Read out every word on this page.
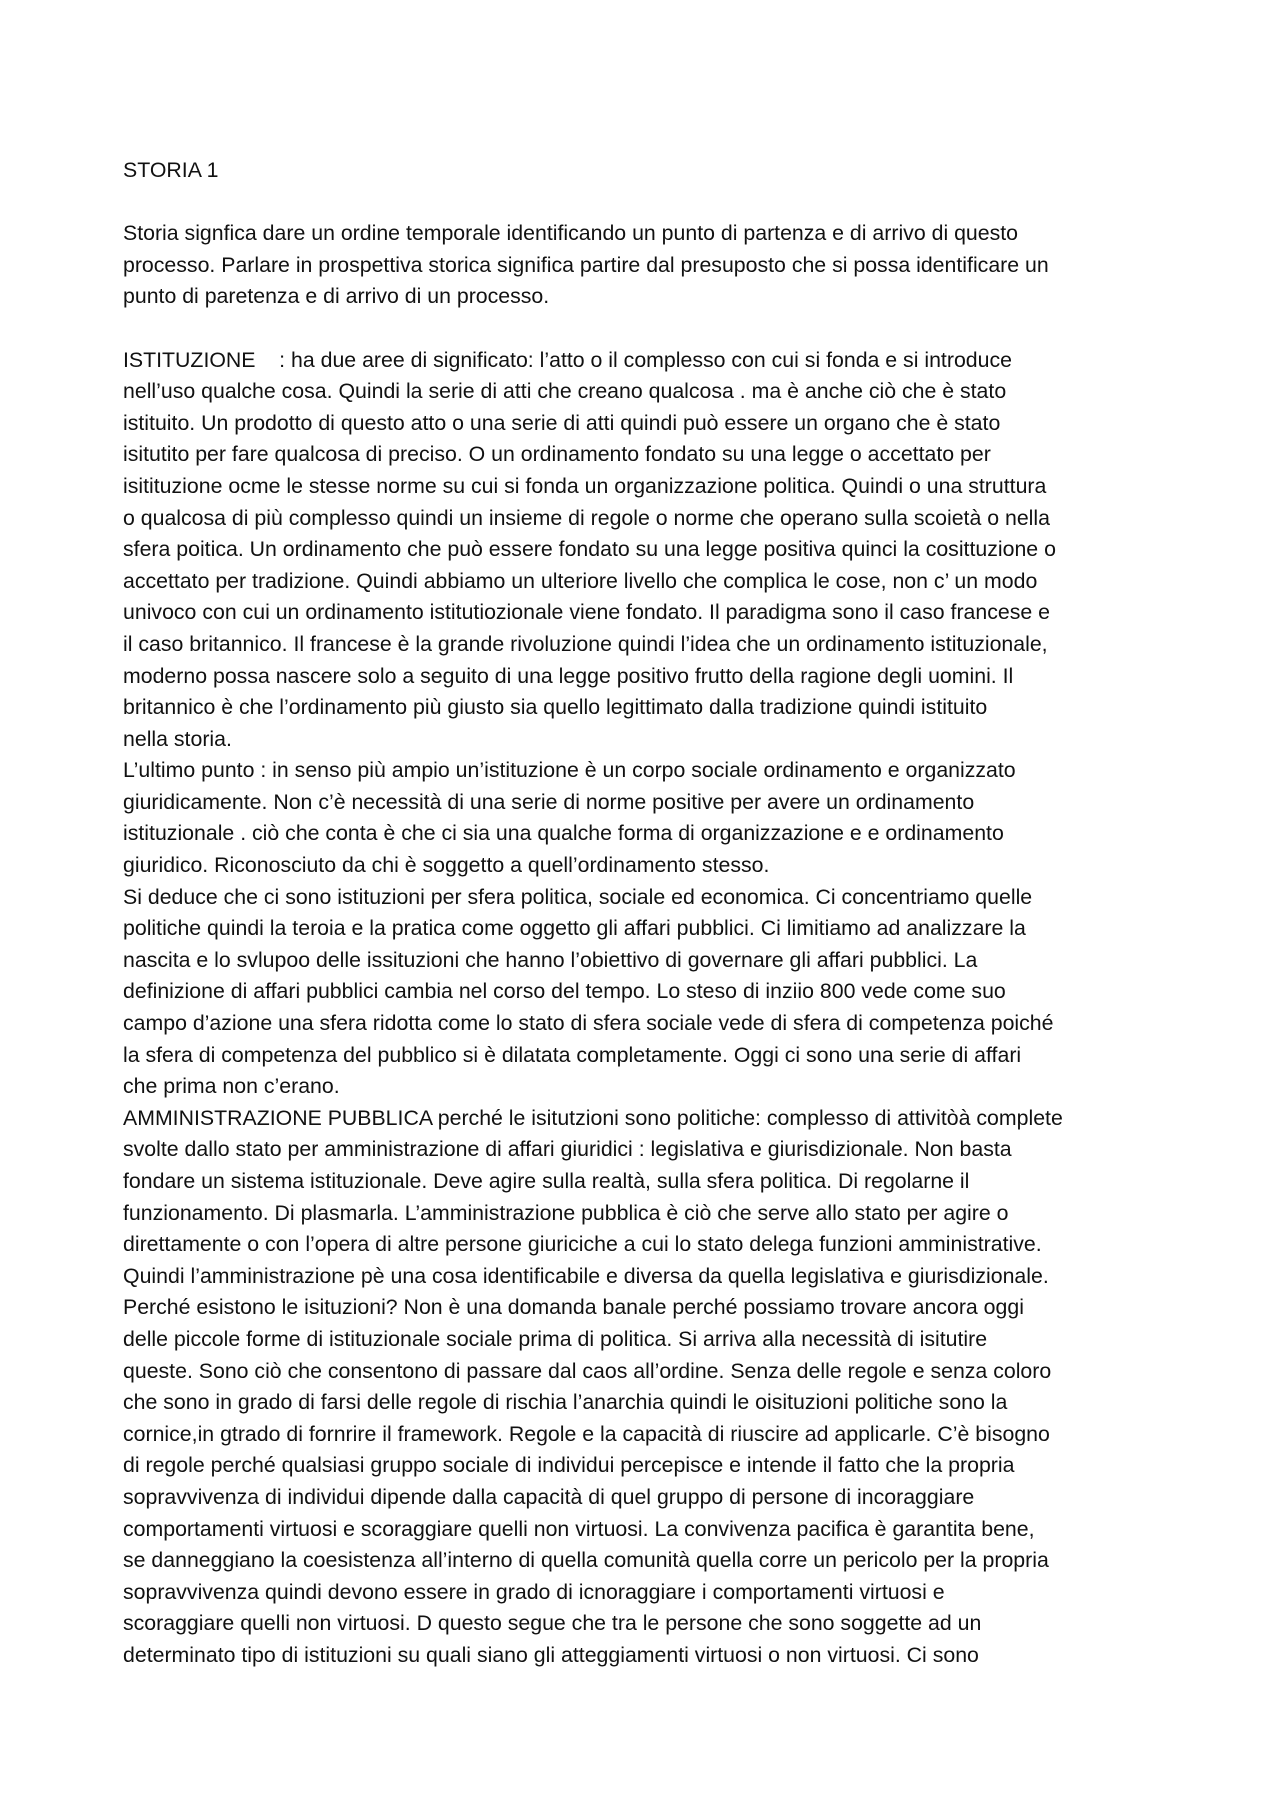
STORIA 1
Storia signfica dare un ordine temporale identificando un punto di partenza e di arrivo di questo
processo. Parlare in prospettiva storica significa partire dal presuposto che si possa identificare un
punto di paretenza e di arrivo di un processo.
ISTITUZIONE    : ha due aree di significato: l’atto o il complesso con cui si fonda e si introduce
nell’uso qualche cosa. Quindi la serie di atti che creano qualcosa . ma è anche ciò che è stato
istituito. Un prodotto di questo atto o una serie di atti quindi può essere un organo che è stato
isitutito per fare qualcosa di preciso. O un ordinamento fondato su una legge o accettato per
isitituzione ocme le stesse norme su cui si fonda un organizzazione politica. Quindi o una struttura
o qualcosa di più complesso quindi un insieme di regole o norme che operano sulla scoietà o nella
sfera poitica. Un ordinamento che può essere fondato su una legge positiva quinci la cosittuzione o
accettato per tradizione. Quindi abbiamo un ulteriore livello che complica le cose, non c’ un modo
univoco con cui un ordinamento istitutiozionale viene fondato. Il paradigma sono il caso francese e
il caso britannico. Il francese è la grande rivoluzione quindi l’idea che un ordinamento istituzionale,
moderno possa nascere solo a seguito di una legge positivo frutto della ragione degli uomini. Il
britannico è che l’ordinamento più giusto sia quello legittimato dalla tradizione quindi istituito
nella storia.
L’ultimo punto : in senso più ampio un’istituzione è un corpo sociale ordinamento e organizzato
giuridicamente. Non c’è necessità di una serie di norme positive per avere un ordinamento
istituzionale . ciò che conta è che ci sia una qualche forma di organizzazione e e ordinamento
giuridico. Riconosciuto da chi è soggetto a quell’ordinamento stesso.
Si deduce che ci sono istituzioni per sfera politica, sociale ed economica. Ci concentriamo quelle
politiche quindi la teroia e la pratica come oggetto gli affari pubblici. Ci limitiamo ad analizzare la
nascita e lo svlupoo delle issituzioni che hanno l’obiettivo di governare gli affari pubblici. La
definizione di affari pubblici cambia nel corso del tempo. Lo steso di inziio 800 vede come suo
campo d’azione una sfera ridotta come lo stato di sfera sociale vede di sfera di competenza poiché
la sfera di competenza del pubblico si è dilatata completamente. Oggi ci sono una serie di affari
che prima non c’erano.
AMMINISTRAZIONE PUBBLICA perché le isitutzioni sono politiche: complesso di attivitòà complete
svolte dallo stato per amministrazione di affari giuridici : legislativa e giurisdizionale. Non basta
fondare un sistema istituzionale. Deve agire sulla realtà, sulla sfera politica. Di regolarne il
funzionamento. Di plasmarla. L’amministrazione pubblica è ciò che serve allo stato per agire o
direttamente o con l’opera di altre persone giuriciche a cui lo stato delega funzioni amministrative.
Quindi l’amministrazione pè una cosa identificabile e diversa da quella legislativa e giurisdizionale.
Perché esistono le isituzioni? Non è una domanda banale perché possiamo trovare ancora oggi
delle piccole forme di istituzionale sociale prima di politica. Si arriva alla necessità di isitutire
queste. Sono ciò che consentono di passare dal caos all’ordine. Senza delle regole e senza coloro
che sono in grado di farsi delle regole di rischia l’anarchia quindi le oisituzioni politiche sono la
cornice,in gtrado di fornrire il framework. Regole e la capacità di riuscire ad applicarle. C’è bisogno
di regole perché qualsiasi gruppo sociale di individui percepisce e intende il fatto che la propria
sopravvivenza di individui dipende dalla capacità di quel gruppo di persone di incoraggiare
comportamenti virtuosi e scoraggiare quelli non virtuosi. La convivenza pacifica è garantita bene,
se danneggiano la coesistenza all’interno di quella comunità quella corre un pericolo per la propria
sopravvivenza quindi devono essere in grado di icnoraggiare i comportamenti virtuosi e
scoraggiare quelli non virtuosi. D questo segue che tra le persone che sono soggette ad un
determinato tipo di istituzioni su quali siano gli atteggiamenti virtuosi o non virtuosi. Ci sono
